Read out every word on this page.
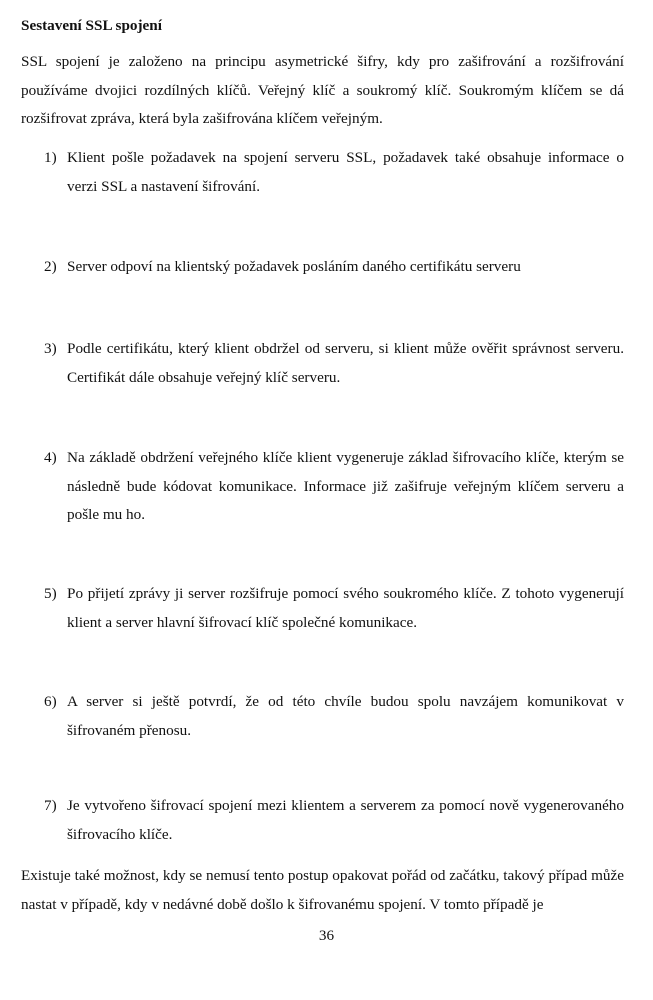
Sestavení SSL spojení
SSL spojení je založeno na principu asymetrické šifry, kdy pro zašifrování a rozšifrování používáme dvojici rozdílných klíčů. Veřejný klíč a soukromý klíč. Soukromým klíčem se dá rozšifrovat zpráva, která byla zašifrována klíčem veřejným.
1) Klient pošle požadavek na spojení serveru SSL, požadavek také obsahuje informace o verzi SSL a nastavení šifrování.
2) Server odpoví na klientský požadavek posláním daného certifikátu serveru
3) Podle certifikátu, který klient obdržel od serveru, si klient může ověřit správnost serveru. Certifikát dále obsahuje veřejný klíč serveru.
4) Na základě obdržení veřejného klíče klient vygeneruje základ šifrovacího klíče, kterým se následně bude kódovat komunikace. Informace již zašifruje veřejným klíčem serveru a pošle mu ho.
5) Po přijetí zprávy ji server rozšifruje pomocí svého soukromého klíče. Z tohoto vygenerují klient a server hlavní šifrovací klíč společné komunikace.
6) A server si ještě potvrdí, že od této chvíle budou spolu navzájem komunikovat v šifrovaném přenosu.
7) Je vytvořeno šifrovací spojení mezi klientem a serverem za pomocí nově vygenerovaného šifrovacího klíče.
Existuje také možnost, kdy se nemusí tento postup opakovat pořád od začátku, takový případ může nastat v případě, kdy v nedávné době došlo k šifrovanému spojení. V tomto případě je
36
